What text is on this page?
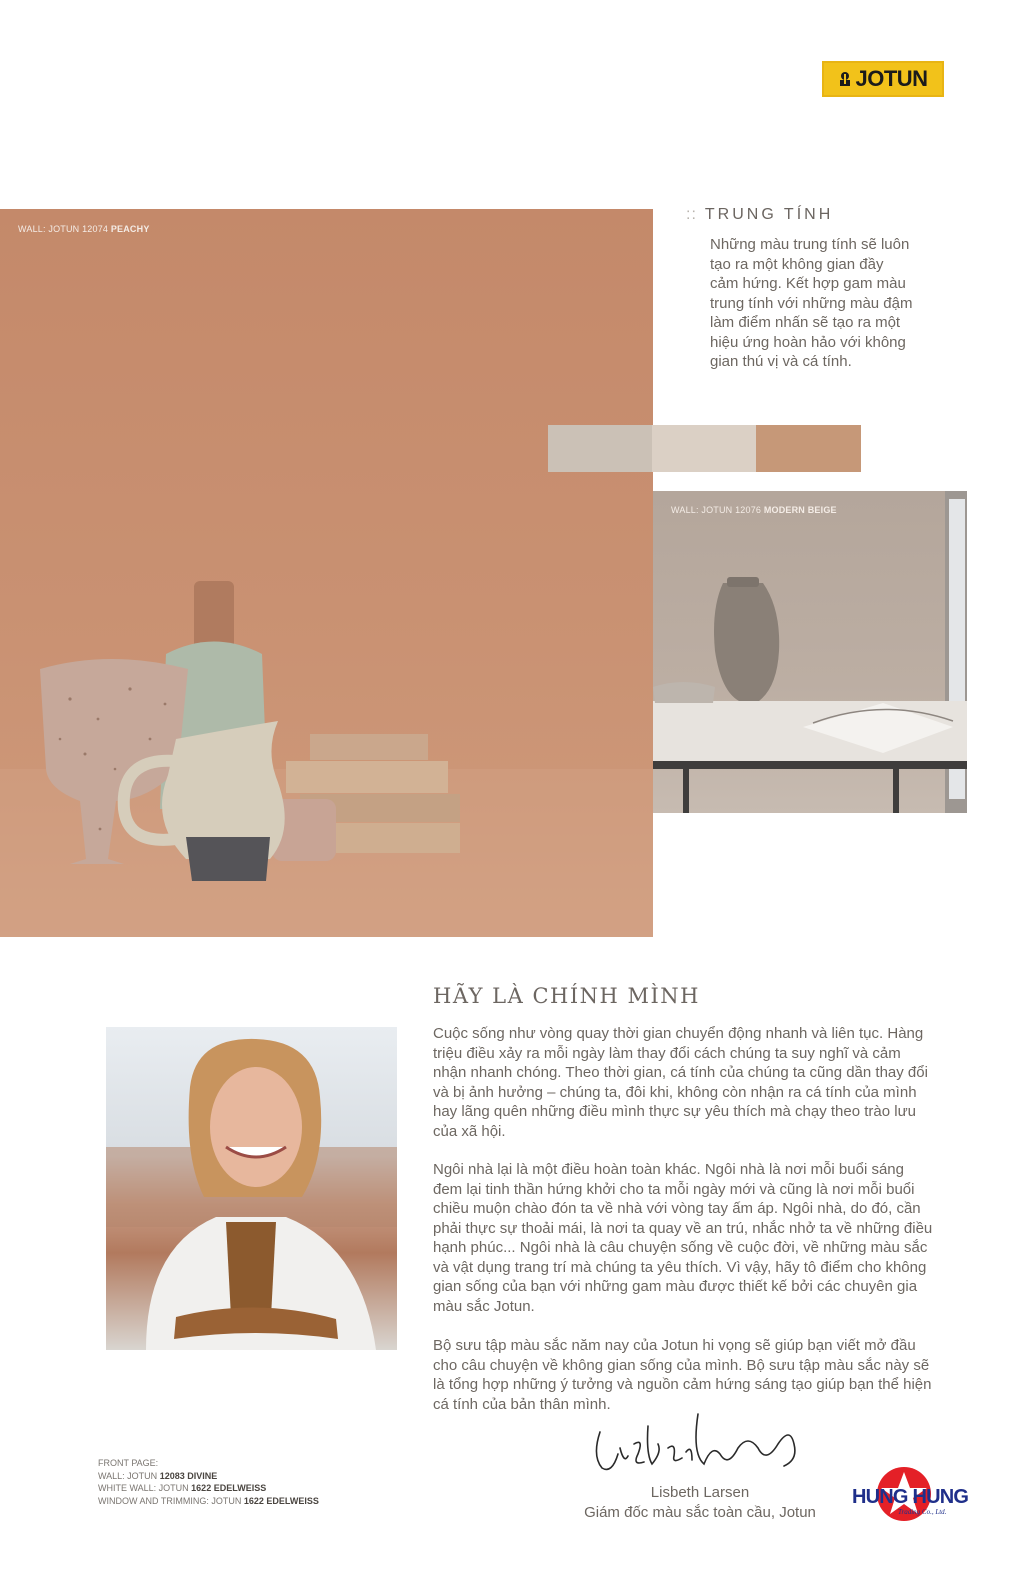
JOTUN
WALL: JOTUN 12074 PEACHY
:: TRUNG TÍNH
Những màu trung tính sẽ luôn
tạo ra một không gian đầy
cảm hứng. Kết hợp gam màu
trung tính với những màu đậm
làm điểm nhấn sẽ tạo ra một
hiệu ứng hoàn hảo với không
gian thú vị và cá tính.
WALL: JOTUN 12076 MODERN BEIGE
HÃY LÀ CHÍNH MÌNH
Cuộc sống như vòng quay thời gian chuyển động nhanh và liên tục. Hàng
triệu điều xảy ra mỗi ngày làm thay đổi cách chúng ta suy nghĩ và cảm
nhận nhanh chóng. Theo thời gian, cá tính của chúng ta cũng dần thay đổi
và bị ảnh hưởng – chúng ta, đôi khi, không còn nhận ra cá tính của mình
hay lãng quên những điều mình thực sự yêu thích mà chạy theo trào lưu
của xã hội.
Ngôi nhà lại là một điều hoàn toàn khác. Ngôi nhà là nơi mỗi buổi sáng
đem lại tinh thần hứng khởi cho ta mỗi ngày mới và cũng là nơi mỗi buổi
chiều muộn chào đón ta về nhà với vòng tay ấm áp. Ngôi nhà, do đó, cần
phải thực sự thoải mái, là nơi ta quay về an trú, nhắc nhở ta về những điều
hạnh phúc... Ngôi nhà là câu chuyện sống về cuộc đời, về những màu sắc
và vật dụng trang trí mà chúng ta yêu thích. Vì vậy, hãy tô điểm cho không
gian sống của bạn với những gam màu được thiết kế bởi các chuyên gia
màu sắc Jotun.
Bộ sưu tập màu sắc năm nay của Jotun hi vọng sẽ giúp bạn viết mở đầu
cho câu chuyện về không gian sống của mình. Bộ sưu tập màu sắc này sẽ
là tổng hợp những ý tưởng và nguồn cảm hứng sáng tạo giúp bạn thể hiện
cá tính của bản thân mình.
FRONT PAGE:
WALL: JOTUN 12083 DIVINE
WHITE WALL: JOTUN 1622 EDELWEISS
WINDOW AND TRIMMING: JOTUN 1622 EDELWEISS	Lisbeth Larsen
Giám đốc màu sắc toàn cầu, Jotun
HUNG HUNG
Trading Co., Ltd.
